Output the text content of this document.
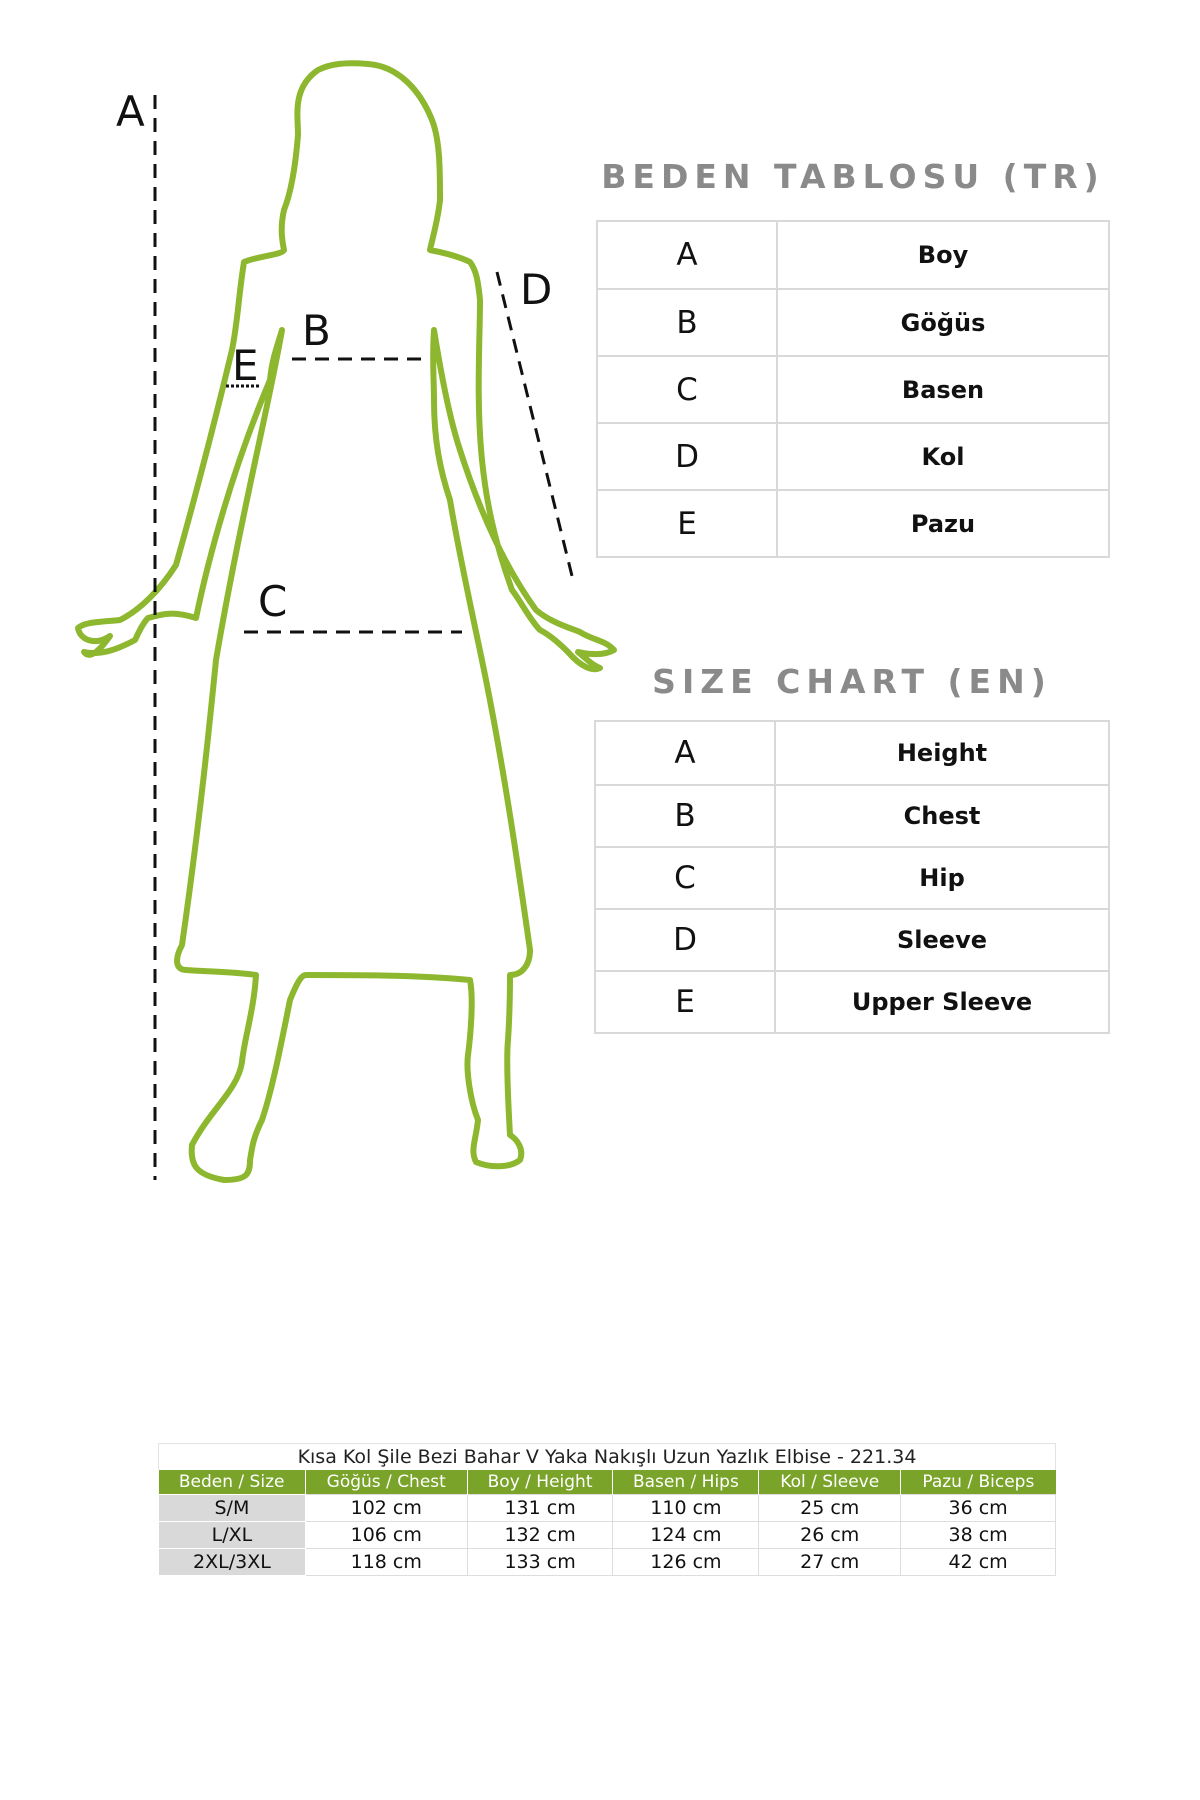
A
B
C
D
E
BEDEN TABLOSU (TR)
A	Boy
B	Göğüs
C	Basen
D	Kol
E	Pazu
SIZE CHART (EN)
A	Height
B	Chest
C	Hip
D	Sleeve
E	Upper Sleeve
Kısa Kol Şile Bezi Bahar V Yaka Nakışlı Uzun Yazlık Elbise - 221.34					
Beden / Size	Göğüs / Chest	Boy / Height	Basen / Hips	Kol / Sleeve	Pazu / Biceps
S/M	102 cm	131 cm	110 cm	25 cm	36 cm
L/XL	106 cm	132 cm	124 cm	26 cm	38 cm
2XL/3XL	118 cm	133 cm	126 cm	27 cm	42 cm
